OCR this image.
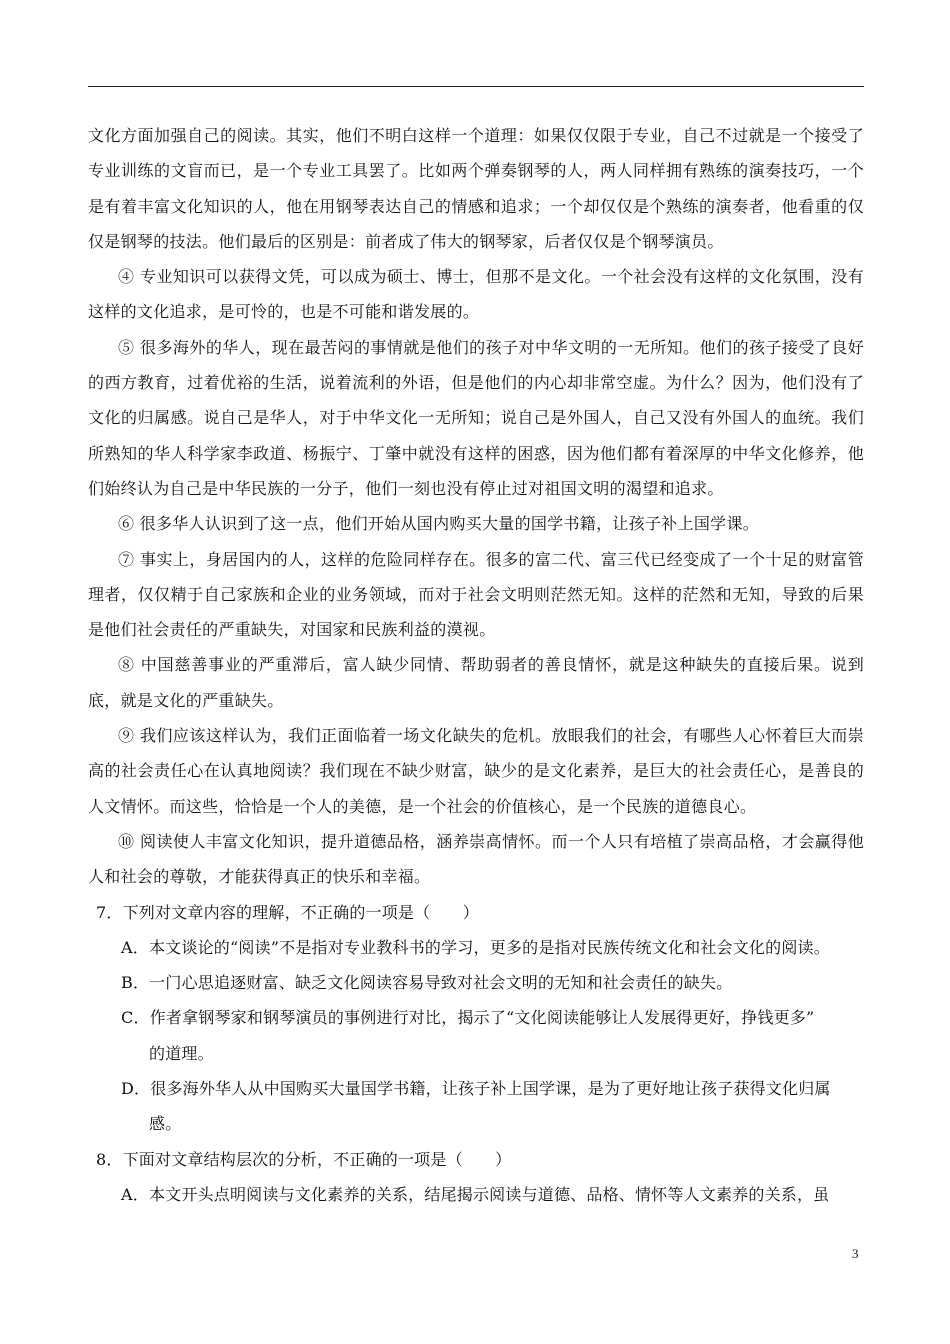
文化方面加强自己的阅读。其实，他们不明白这样一个道理：如果仅仅限于专业，自己不过就是一个接受了专业训练的文盲而已，是一个专业工具罢了。比如两个弹奏钢琴的人，两人同样拥有熟练的演奏技巧，一个是有着丰富文化知识的人，他在用钢琴表达自己的情感和追求；一个却仅仅是个熟练的演奏者，他看重的仅仅是钢琴的技法。他们最后的区别是：前者成了伟大的钢琴家，后者仅仅是个钢琴演员。
④ 专业知识可以获得文凭，可以成为硕士、博士，但那不是文化。一个社会没有这样的文化氛围，没有这样的文化追求，是可怜的，也是不可能和谐发展的。
⑤ 很多海外的华人，现在最苦闷的事情就是他们的孩子对中华文明的一无所知。他们的孩子接受了良好的西方教育，过着优裕的生活，说着流利的外语，但是他们的内心却非常空虚。为什么？因为，他们没有了文化的归属感。说自己是华人，对于中华文化一无所知；说自己是外国人，自己又没有外国人的血统。我们所熟知的华人科学家李政道、杨振宁、丁肇中就没有这样的困惑，因为他们都有着深厚的中华文化修养，他们始终认为自己是中华民族的一分子，他们一刻也没有停止过对祖国文明的渴望和追求。
⑥ 很多华人认识到了这一点，他们开始从国内购买大量的国学书籍，让孩子补上国学课。
⑦ 事实上，身居国内的人，这样的危险同样存在。很多的富二代、富三代已经变成了一个十足的财富管理者，仅仅精于自己家族和企业的业务领域，而对于社会文明则茫然无知。这样的茫然和无知，导致的后果是他们社会责任的严重缺失，对国家和民族利益的漠视。
⑧ 中国慈善事业的严重滞后，富人缺少同情、帮助弱者的善良情怀，就是这种缺失的直接后果。说到底，就是文化的严重缺失。
⑨ 我们应该这样认为，我们正面临着一场文化缺失的危机。放眼我们的社会，有哪些人心怀着巨大而崇高的社会责任心在认真地阅读？我们现在不缺少财富，缺少的是文化素养，是巨大的社会责任心，是善良的人文情怀。而这些，恰恰是一个人的美德，是一个社会的价值核心，是一个民族的道德良心。
⑩ 阅读使人丰富文化知识，提升道德品格，涵养崇高情怀。而一个人只有培植了崇高品格，才会赢得他人和社会的尊敬，才能获得真正的快乐和幸福。
7．下列对文章内容的理解，不正确的一项是（　　）
A．本文谈论的“阅读”不是指对专业教科书的学习，更多的是指对民族传统文化和社会文化的阅读。
B．一门心思追逐财富、缺乏文化阅读容易导致对社会文明的无知和社会责任的缺失。
C．作者拿钢琴家和钢琴演员的事例进行对比，揭示了“文化阅读能够让人发展得更好，挣钱更多”
的道理。
D．很多海外华人从中国购买大量国学书籍，让孩子补上国学课，是为了更好地让孩子获得文化归属
感。
8．下面对文章结构层次的分析，不正确的一项是（　　）
A．本文开头点明阅读与文化素养的关系，结尾揭示阅读与道德、品格、情怀等人文素养的关系，虽
3
